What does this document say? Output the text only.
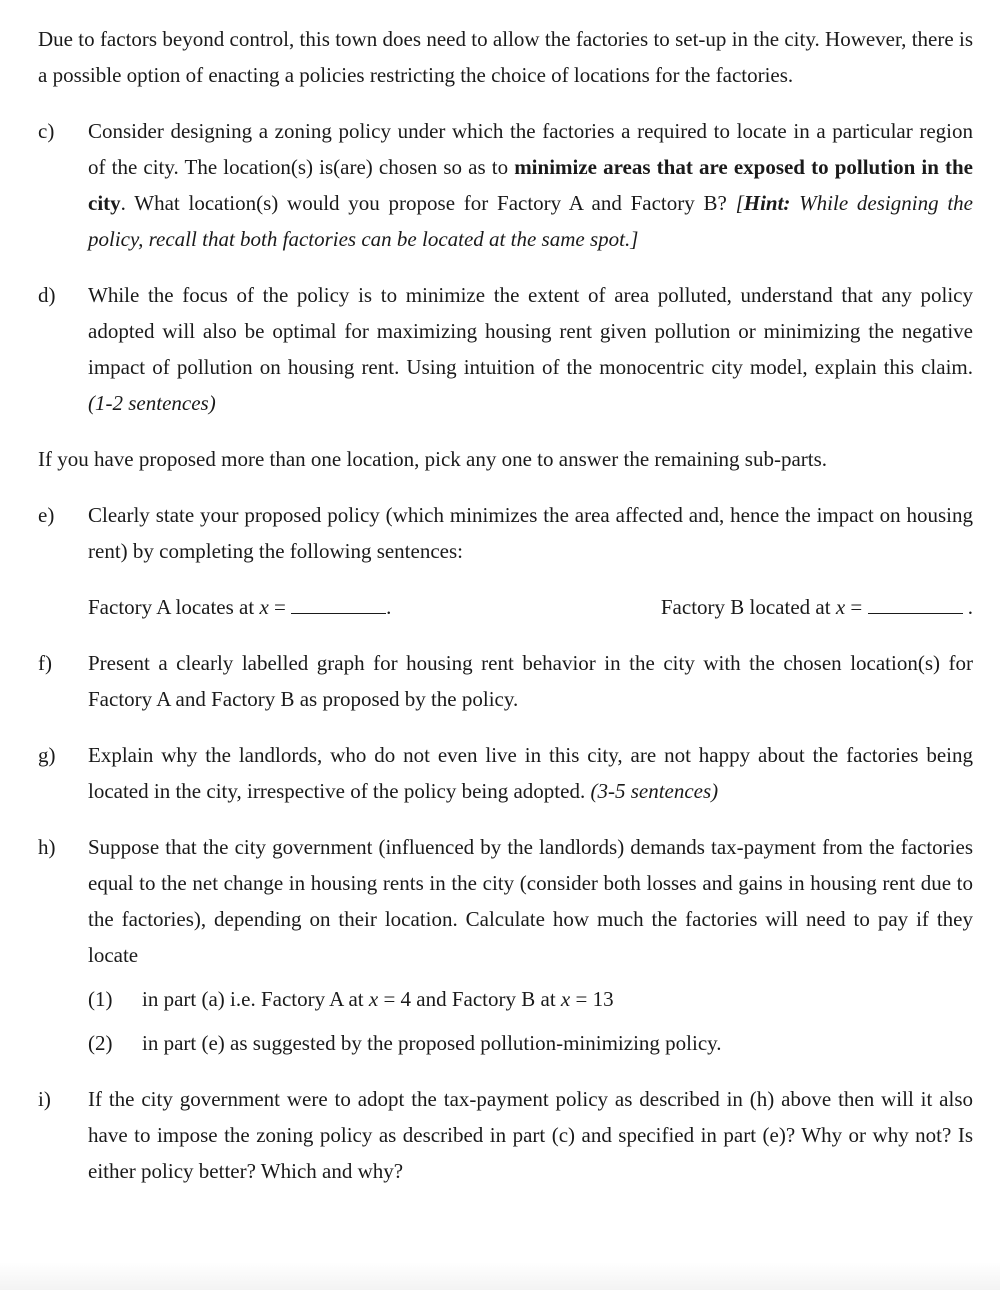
Due to factors beyond control, this town does need to allow the factories to set-up in the city. However, there is a possible option of enacting a policies restricting the choice of locations for the factories.

c)	Consider designing a zoning policy under which the factories a required to locate in a particular region of the city. The location(s) is(are) chosen so as to minimize areas that are exposed to pollution in the city. What location(s) would you propose for Factory A and Factory B? [Hint: While designing the policy, recall that both factories can be located at the same spot.]
d)	While the focus of the policy is to minimize the extent of area polluted, understand that any policy adopted will also be optimal for maximizing housing rent given pollution or minimizing the negative impact of pollution on housing rent. Using intuition of the monocentric city model, explain this claim. (1-2 sentences)

If you have proposed more than one location, pick any one to answer the remaining sub-parts.

e)	Clearly state your proposed policy (which minimizes the area affected and, hence the impact on housing rent) by completing the following sentences:
Factory A locates at x =	.	Factory B located at x =	.
f)	Present a clearly labelled graph for housing rent behavior in the city with the chosen location(s) for Factory A and Factory B as proposed by the policy.
g)	Explain why the landlords, who do not even live in this city, are not happy about the factories being located in the city, irrespective of the policy being adopted. (3-5 sentences)
h)	Suppose that the city government (influenced by the landlords) demands tax-payment from the factories equal to the net change in housing rents in the city (consider both losses and gains in housing rent due to the factories), depending on their location. Calculate how much the factories will need to pay if they locate
(1)	in part (a) i.e. Factory A at x = 4 and Factory B at x = 13
(2)	in part (e) as suggested by the proposed pollution-minimizing policy.
i)	If the city government were to adopt the tax-payment policy as described in (h) above then will it also have to impose the zoning policy as described in part (c) and specified in part (e)? Why or why not? Is either policy better? Which and why?
